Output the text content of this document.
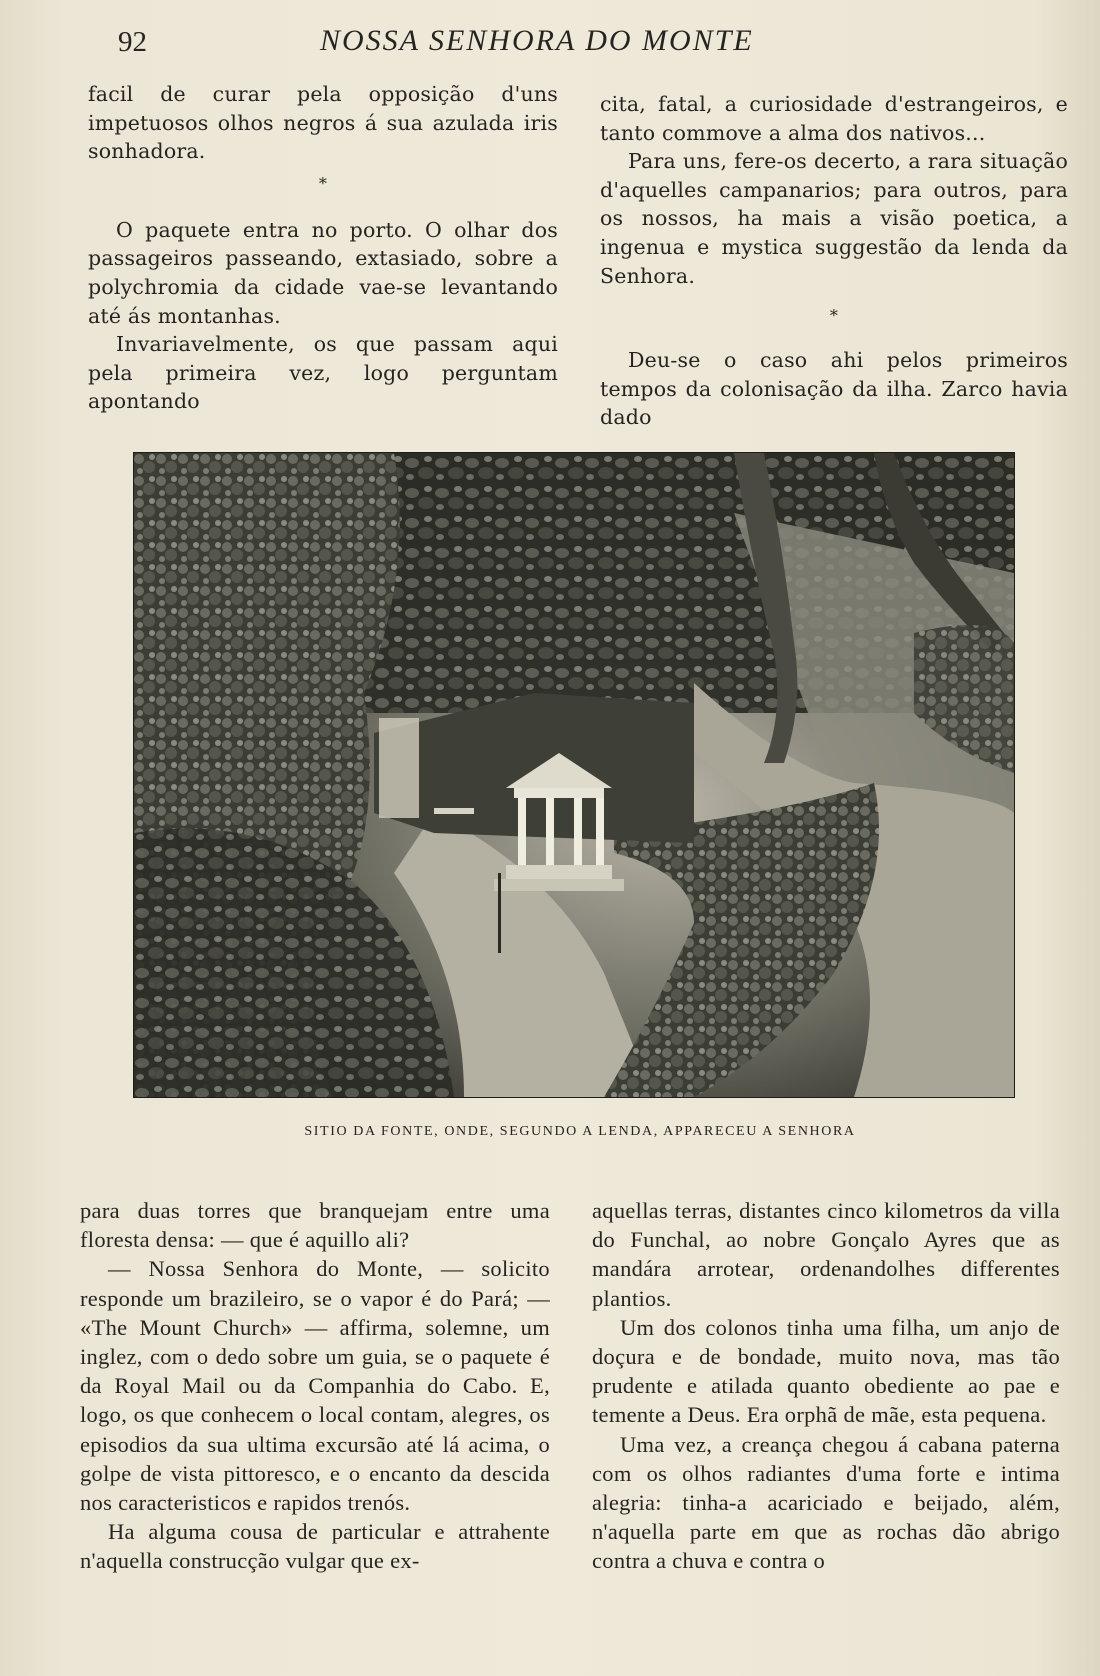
92	NOSSA SENHORA DO MONTE

facil de curar pela opposição d'uns impetuosos olhos negros á sua azulada iris sonhadora.

*

O paquete entra no porto. O olhar dos passageiros passeando, extasiado, sobre a polychromia da cidade vae-se levantando até ás montanhas.

Invariavelmente, os que passam aqui pela primeira vez, logo perguntam apontando

cita, fatal, a curiosidade d'estrangeiros, e tanto commove a alma dos nativos...

Para uns, fere-os decerto, a rara situação d'aquelles campanarios; para outros, para os nossos, ha mais a visão poetica, a ingenua e mystica suggestão da lenda da Senhora.

*

Deu-se o caso ahi pelos primeiros tempos da colonisação da ilha. Zarco havia dado

SITIO DA FONTE, ONDE, SEGUNDO A LENDA, APPARECEU A SENHORA

para duas torres que branquejam entre uma floresta densa: — que é aquillo ali?

— Nossa Senhora do Monte, — solicito responde um brazileiro, se o vapor é do Pará; — «The Mount Church» — affirma, solemne, um inglez, com o dedo sobre um guia, se o paquete é da Royal Mail ou da Companhia do Cabo. E, logo, os que conhecem o local contam, alegres, os episodios da sua ultima excursão até lá acima, o golpe de vista pittoresco, e o encanto da descida nos caracteristicos e rapidos trenós.

Ha alguma cousa de particular e attrahente n'aquella construcção vulgar que ex-

aquellas terras, distantes cinco kilometros da villa do Funchal, ao nobre Gonçalo Ayres que as mandára arrotear, ordenandolhes differentes plantios.

Um dos colonos tinha uma filha, um anjo de doçura e de bondade, muito nova, mas tão prudente e atilada quanto obediente ao pae e temente a Deus. Era orphã de mãe, esta pequena.

Uma vez, a creança chegou á cabana paterna com os olhos radiantes d'uma forte e intima alegria: tinha-a acariciado e beijado, além, n'aquella parte em que as rochas dão abrigo contra a chuva e contra o
